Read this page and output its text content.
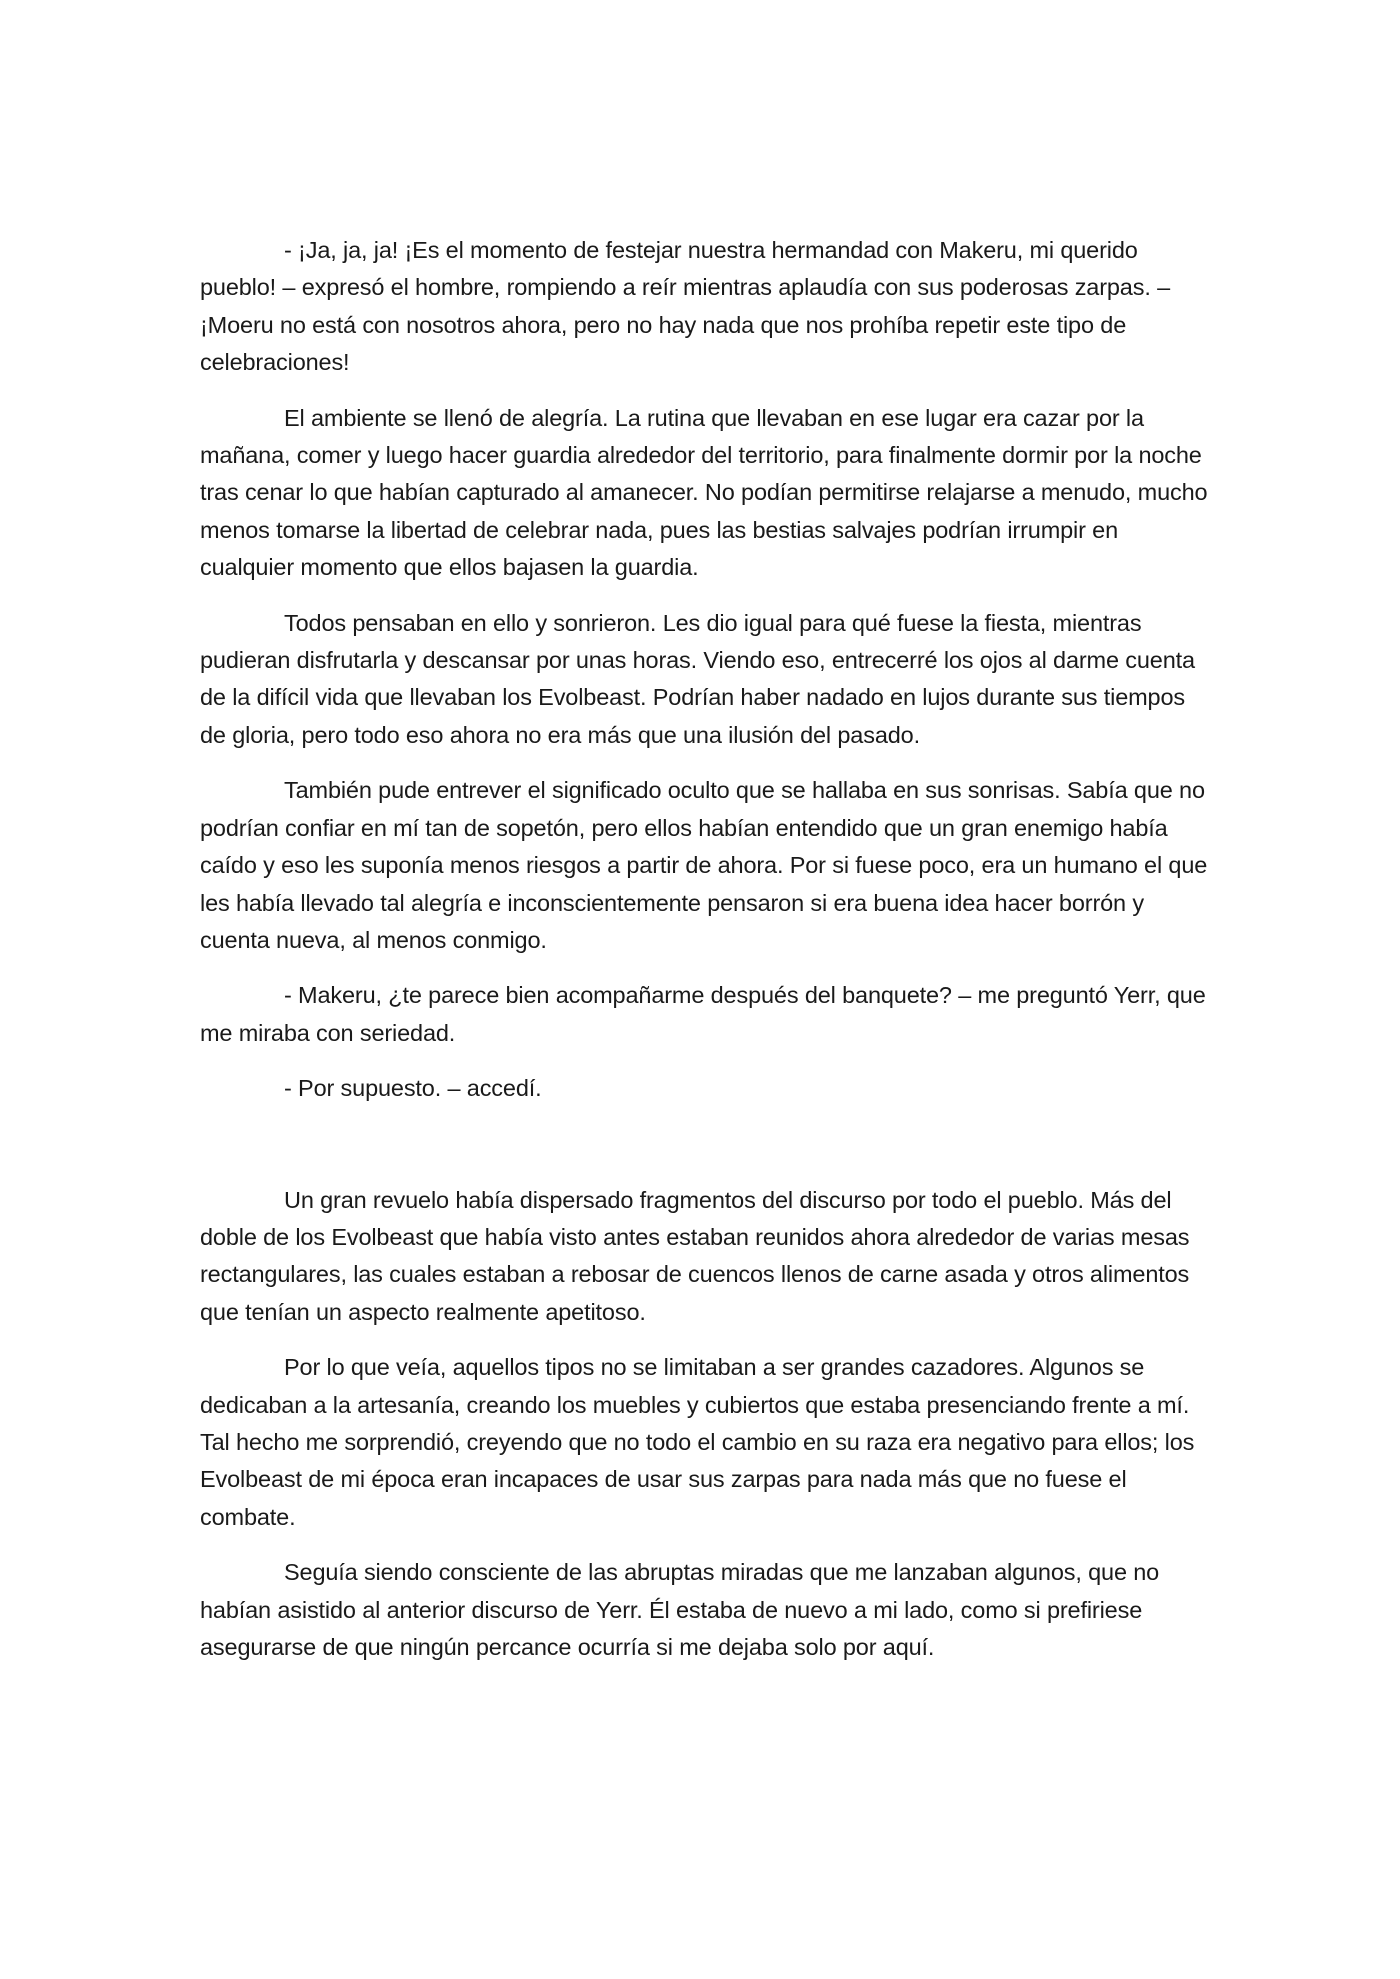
- ¡Ja, ja, ja! ¡Es el momento de festejar nuestra hermandad con Makeru, mi querido pueblo! – expresó el hombre, rompiendo a reír mientras aplaudía con sus poderosas zarpas. – ¡Moeru no está con nosotros ahora, pero no hay nada que nos prohíba repetir este tipo de celebraciones!

El ambiente se llenó de alegría. La rutina que llevaban en ese lugar era cazar por la mañana, comer y luego hacer guardia alrededor del territorio, para finalmente dormir por la noche tras cenar lo que habían capturado al amanecer. No podían permitirse relajarse a menudo, mucho menos tomarse la libertad de celebrar nada, pues las bestias salvajes podrían irrumpir en cualquier momento que ellos bajasen la guardia.

Todos pensaban en ello y sonrieron. Les dio igual para qué fuese la fiesta, mientras pudieran disfrutarla y descansar por unas horas. Viendo eso, entrecerré los ojos al darme cuenta de la difícil vida que llevaban los Evolbeast. Podrían haber nadado en lujos durante sus tiempos de gloria, pero todo eso ahora no era más que una ilusión del pasado.

También pude entrever el significado oculto que se hallaba en sus sonrisas. Sabía que no podrían confiar en mí tan de sopetón, pero ellos habían entendido que un gran enemigo había caído y eso les suponía menos riesgos a partir de ahora. Por si fuese poco, era un humano el que les había llevado tal alegría e inconscientemente pensaron si era buena idea hacer borrón y cuenta nueva, al menos conmigo.

- Makeru, ¿te parece bien acompañarme después del banquete? – me preguntó Yerr, que me miraba con seriedad.

- Por supuesto. – accedí.

Un gran revuelo había dispersado fragmentos del discurso por todo el pueblo. Más del doble de los Evolbeast que había visto antes estaban reunidos ahora alrededor de varias mesas rectangulares, las cuales estaban a rebosar de cuencos llenos de carne asada y otros alimentos que tenían un aspecto realmente apetitoso.

Por lo que veía, aquellos tipos no se limitaban a ser grandes cazadores. Algunos se dedicaban a la artesanía, creando los muebles y cubiertos que estaba presenciando frente a mí. Tal hecho me sorprendió, creyendo que no todo el cambio en su raza era negativo para ellos; los Evolbeast de mi época eran incapaces de usar sus zarpas para nada más que no fuese el combate.

Seguía siendo consciente de las abruptas miradas que me lanzaban algunos, que no habían asistido al anterior discurso de Yerr. Él estaba de nuevo a mi lado, como si prefiriese asegurarse de que ningún percance ocurría si me dejaba solo por aquí.
